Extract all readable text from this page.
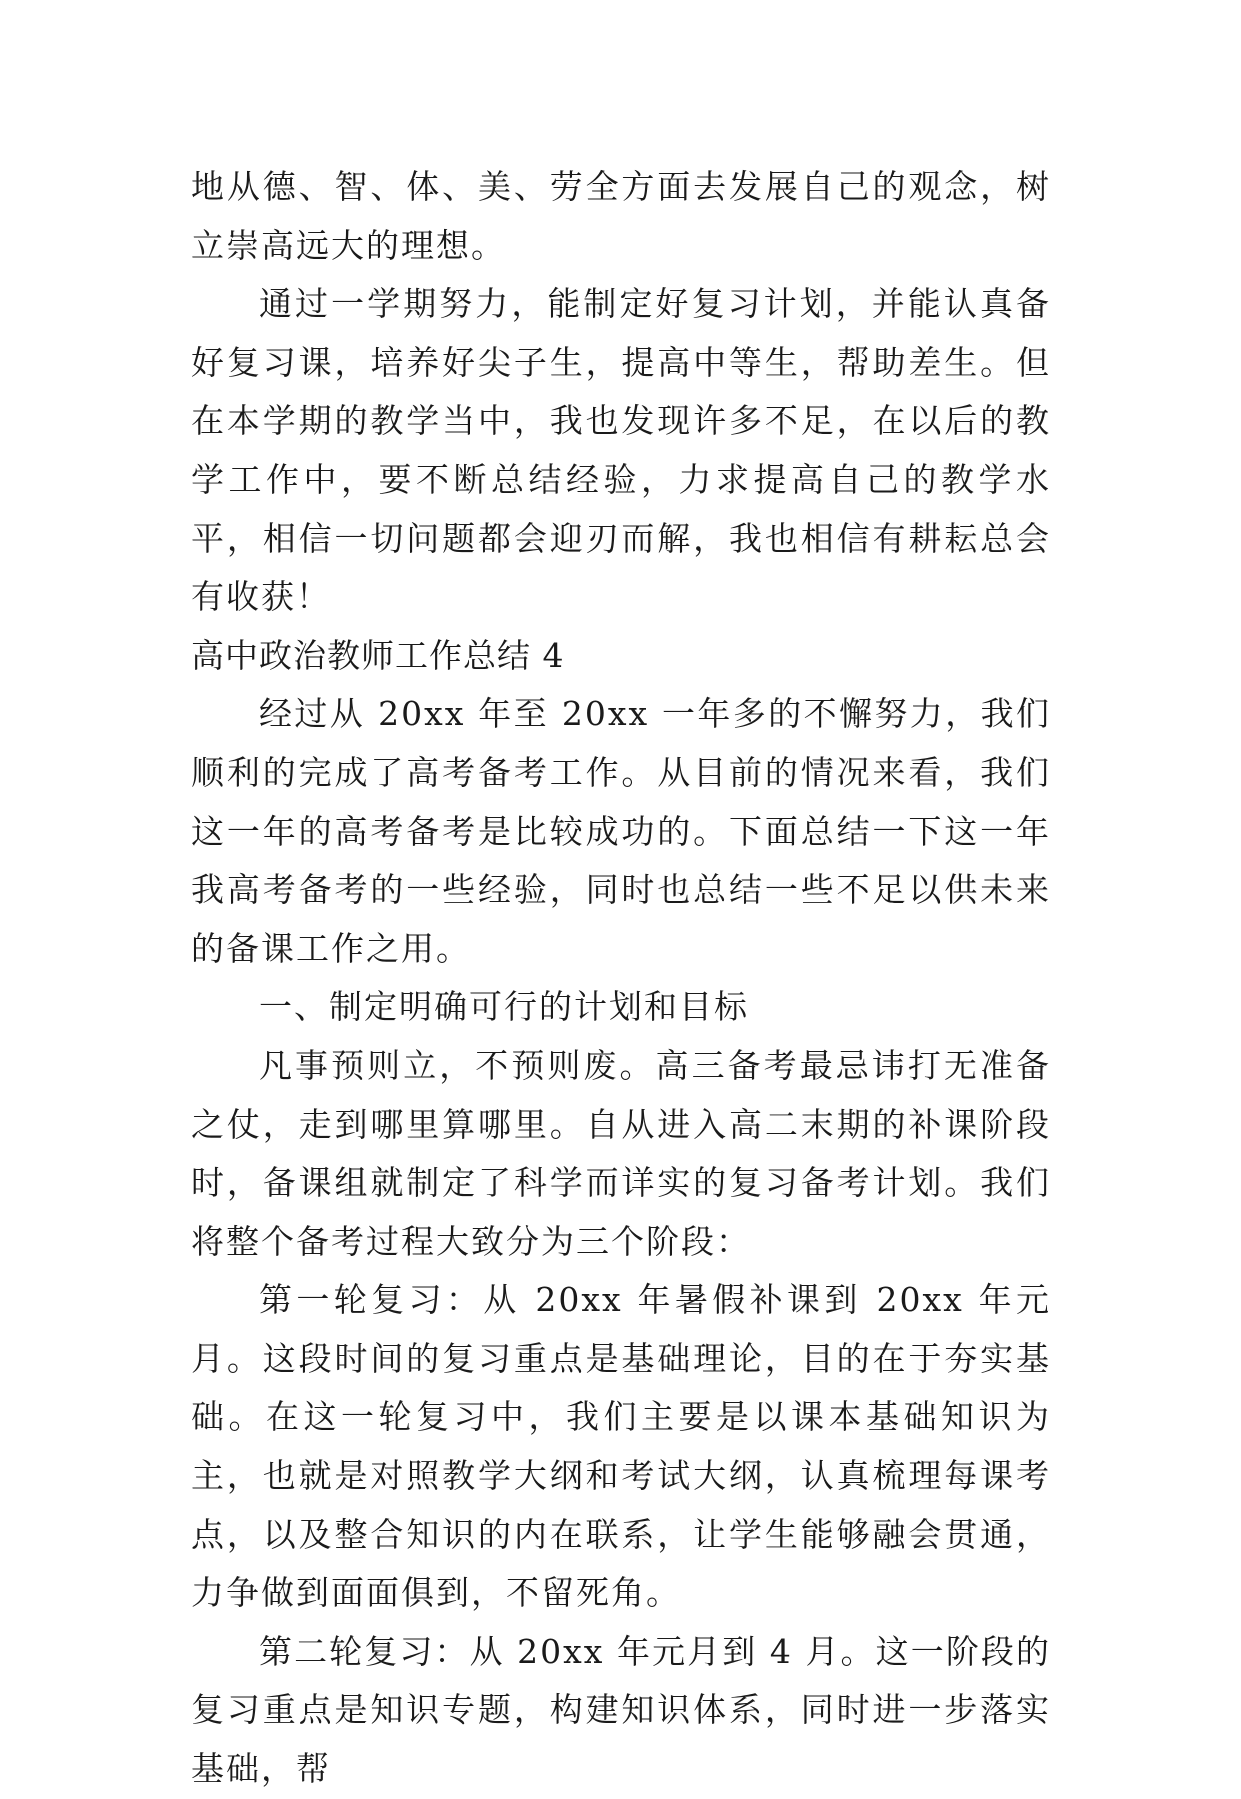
地从德、智、体、美、劳全方面去发展自己的观念，树立崇高远大的理想。

通过一学期努力，能制定好复习计划，并能认真备好复习课，培养好尖子生，提高中等生，帮助差生。但在本学期的教学当中，我也发现许多不足，在以后的教学工作中，要不断总结经验，力求提高自己的教学水平，相信一切问题都会迎刃而解，我也相信有耕耘总会有收获！

高中政治教师工作总结 4

经过从 20xx 年至 20xx 一年多的不懈努力，我们顺利的完成了高考备考工作。从目前的情况来看，我们这一年的高考备考是比较成功的。下面总结一下这一年我高考备考的一些经验，同时也总结一些不足以供未来的备课工作之用。

一、制定明确可行的计划和目标

凡事预则立，不预则废。高三备考最忌讳打无准备之仗，走到哪里算哪里。自从进入高二末期的补课阶段时，备课组就制定了科学而详实的复习备考计划。我们将整个备考过程大致分为三个阶段：

第一轮复习：从 20xx 年暑假补课到 20xx 年元月。这段时间的复习重点是基础理论，目的在于夯实基础。在这一轮复习中，我们主要是以课本基础知识为主，也就是对照教学大纲和考试大纲，认真梳理每课考点，以及整合知识的内在联系，让学生能够融会贯通，力争做到面面俱到，不留死角。

第二轮复习：从 20xx 年元月到 4 月。这一阶段的复习重点是知识专题，构建知识体系，同时进一步落实基础，帮
